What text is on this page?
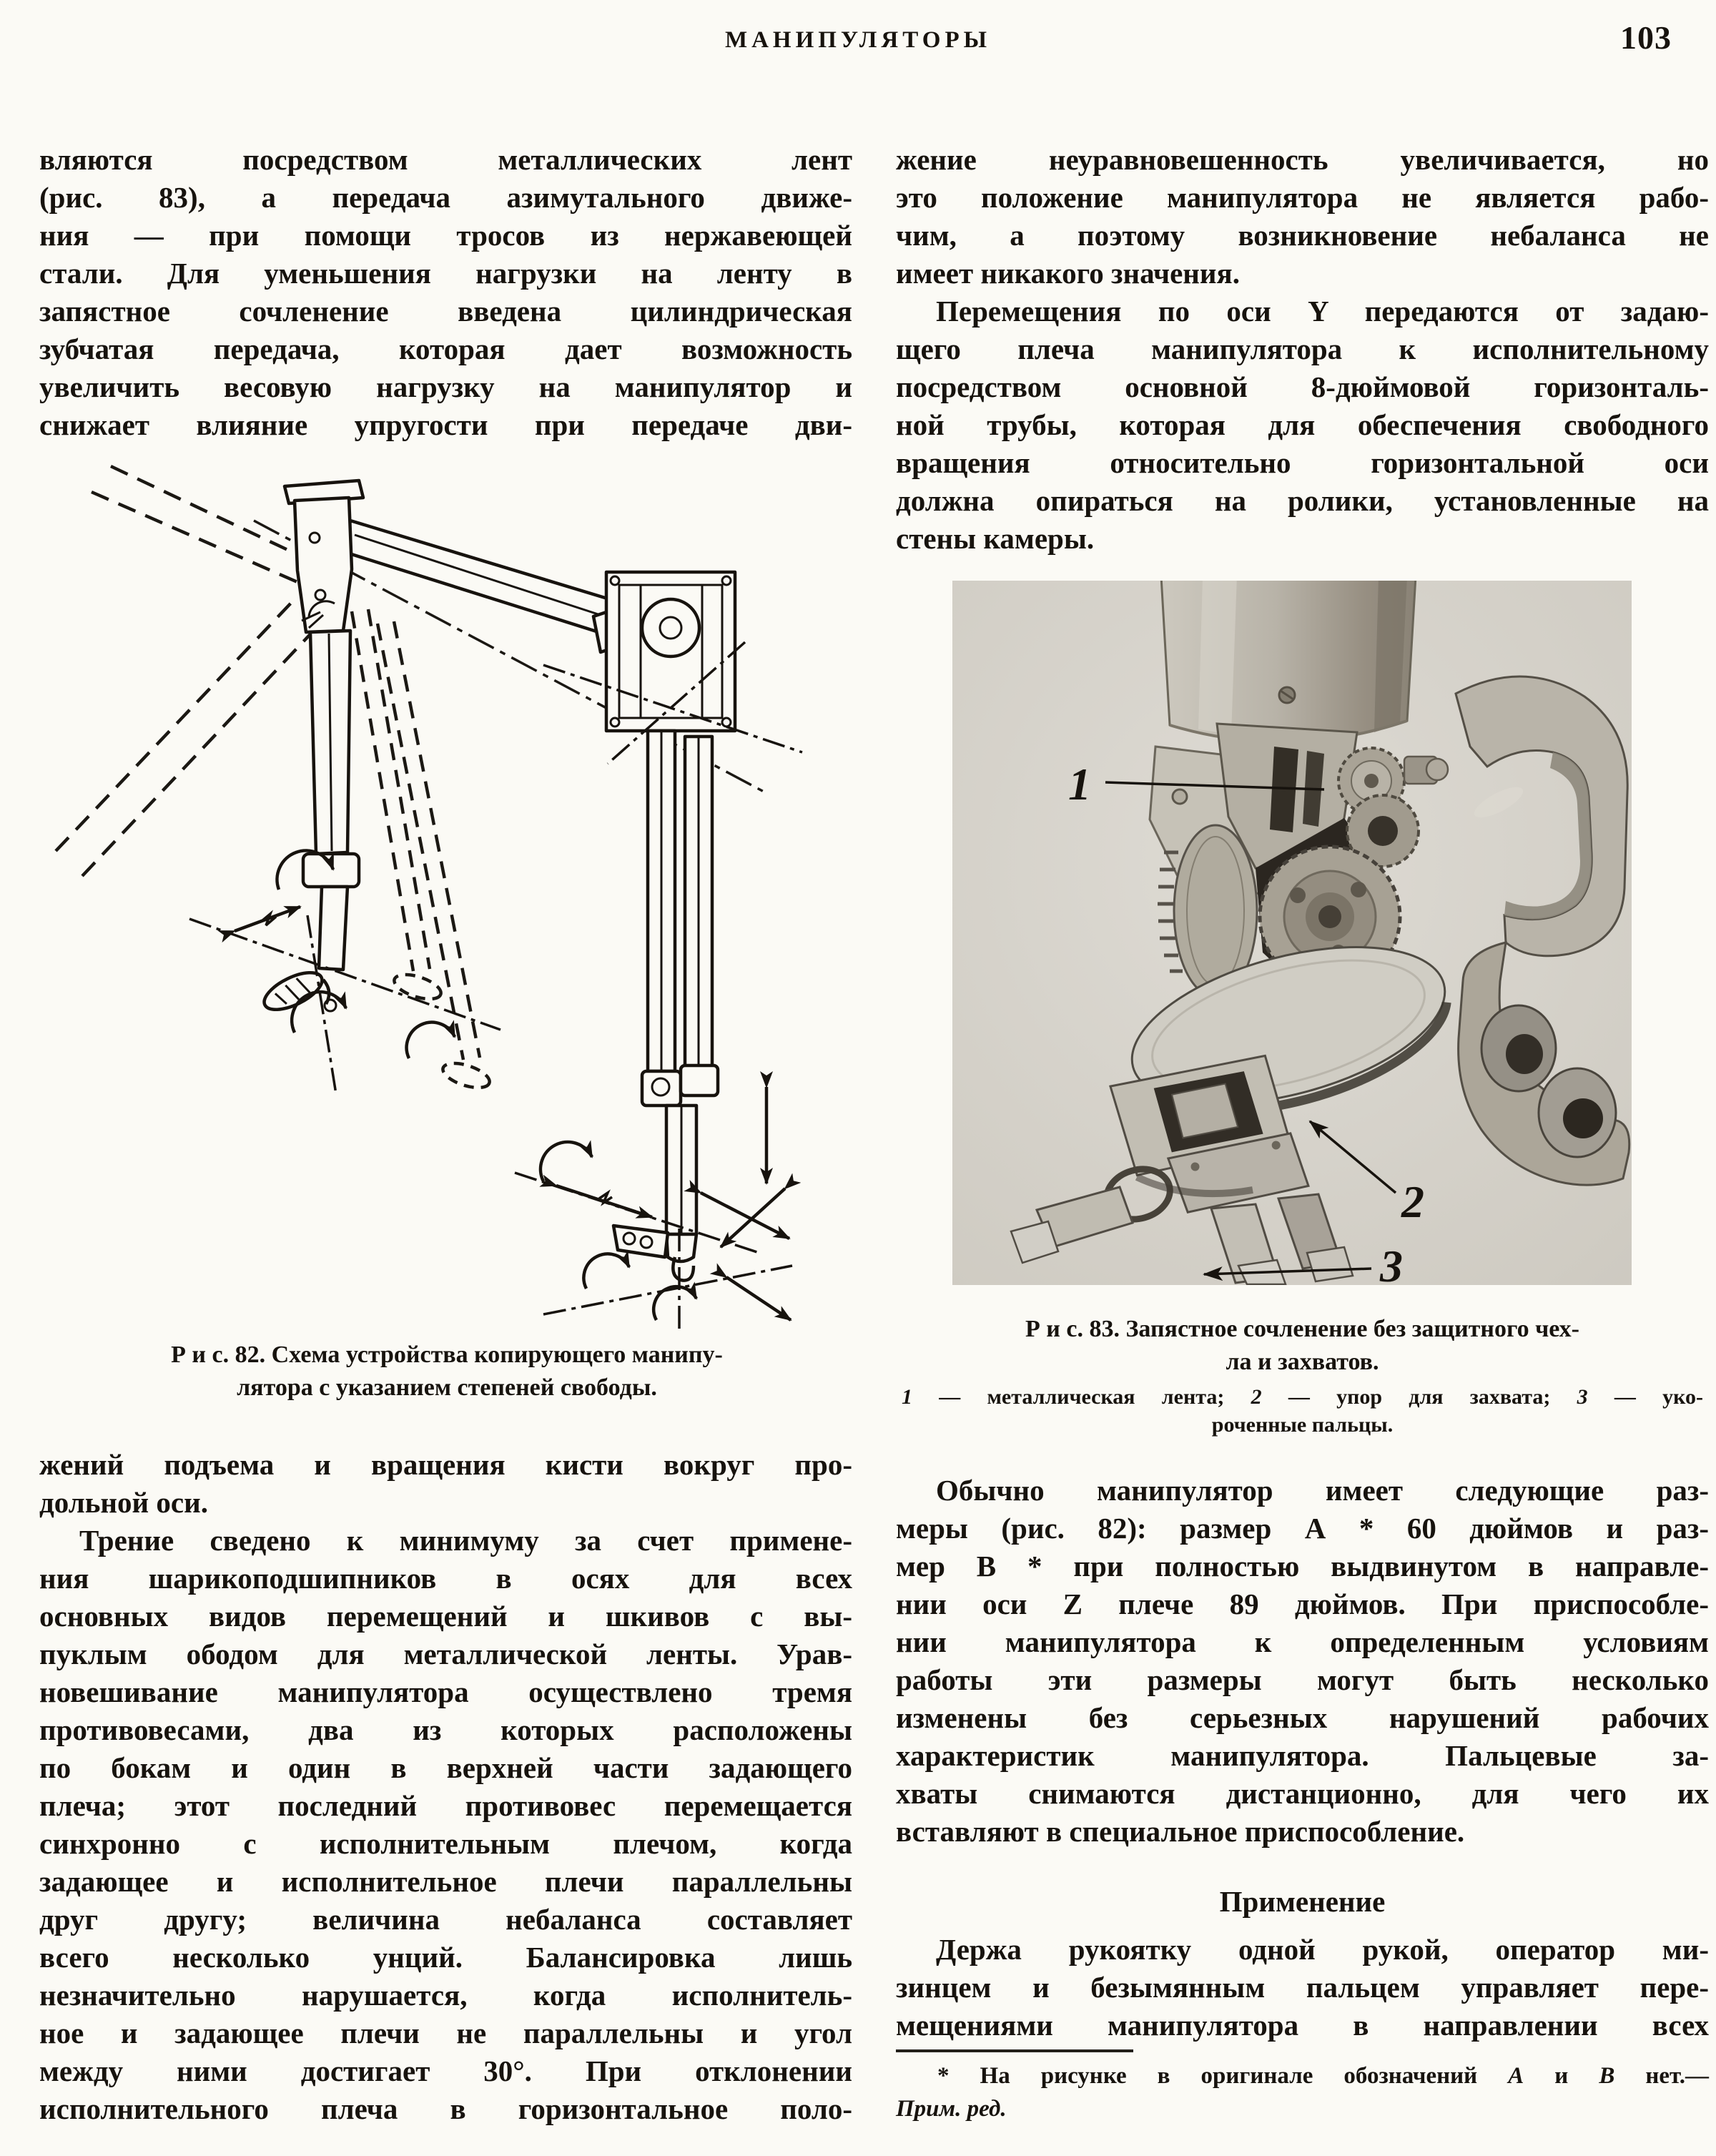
МАНИПУЛЯТОРЫ	103
вляются посредством металлических лент
(рис. 83), а передача азимутального движе-
ния — при помощи тросов из нержавеющей
стали. Для уменьшения нагрузки на ленту в
запястное сочленение введена цилиндрическая
зубчатая передача, которая дает возможность
увеличить весовую нагрузку на манипулятор и
снижает влияние упругости при передаче дви-
Р и с. 82. Схема устройства копирующего манипу-
лятора с указанием степеней свободы.
жений подъема и вращения кисти вокруг про-
дольной оси.
Трение сведено к минимуму за счет примене-
ния шарикоподшипников в осях для всех
основных видов перемещений и шкивов с вы-
пуклым ободом для металлической ленты. Урав-
новешивание манипулятора осуществлено тремя
противовесами, два из которых расположены
по бокам и один в верхней части задающего
плеча; этот последний противовес перемещается
синхронно с исполнительным плечом, когда
задающее и исполнительное плечи параллельны
друг другу; величина небаланса составляет
всего несколько унций. Балансировка лишь
незначительно нарушается, когда исполнитель-
ное и задающее плечи не параллельны и угол
между ними достигает 30°. При отклонении
исполнительного плеча в горизонтальное поло-
жение неуравновешенность увеличивается, но
это положение манипулятора не является рабо-
чим, а поэтому возникновение небаланса не
имеет никакого значения.
Перемещения по оси Y передаются от задаю-
щего плеча манипулятора к исполнительному
посредством основной 8-дюймовой горизонталь-
ной трубы, которая для обеспечения свободного
вращения относительно горизонтальной оси
должна опираться на ролики, установленные на
стены камеры.
1
2
3
Р и с. 83. Запястное сочленение без защитного чех-
ла и захватов.
1 — металлическая лента; 2 — упор для захвата; 3 — уко-
роченные пальцы.
Обычно манипулятор имеет следующие раз-
меры (рис. 82): размер А * 60 дюймов и раз-
мер В * при полностью выдвинутом в направле-
нии оси Z плече 89 дюймов. При приспособле-
нии манипулятора к определенным условиям
работы эти размеры могут быть несколько
изменены без серьезных нарушений рабочих
характеристик манипулятора. Пальцевые за-
хваты снимаются дистанционно, для чего их
вставляют в специальное приспособление.
Применение
Держа рукоятку одной рукой, оператор ми-
зинцем и безымянным пальцем управляет пере-
мещениями манипулятора в направлении всех
* На рисунке в оригинале обозначений А и В нет.—
Прим. ред.
